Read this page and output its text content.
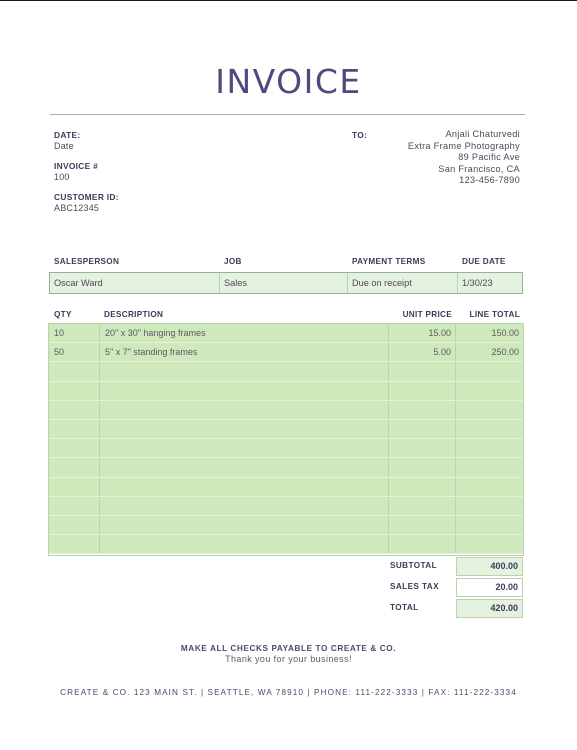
INVOICE
DATE:
Date
INVOICE #
100
CUSTOMER ID:
ABC12345
TO:	Anjali Chaturvedi
Extra Frame Photography
89 Pacific Ave
San Francisco, CA
123-456-7890
SALESPERSON	JOB	PAYMENT TERMS	DUE DATE
Oscar Ward	Sales	Due on receipt	1/30/23
QTY	DESCRIPTION	UNIT PRICE	LINE TOTAL
10	20" x 30" hanging frames	15.00	150.00
50	5" x 7" standing frames	5.00	250.00
SUBTOTAL	400.00
SALES TAX	20.00
TOTAL	420.00
MAKE ALL CHECKS PAYABLE TO CREATE & CO.
Thank you for your business!
CREATE & CO. 123 MAIN ST. | SEATTLE, WA 78910 | PHONE: 111-222-3333 | FAX: 111-222-3334
